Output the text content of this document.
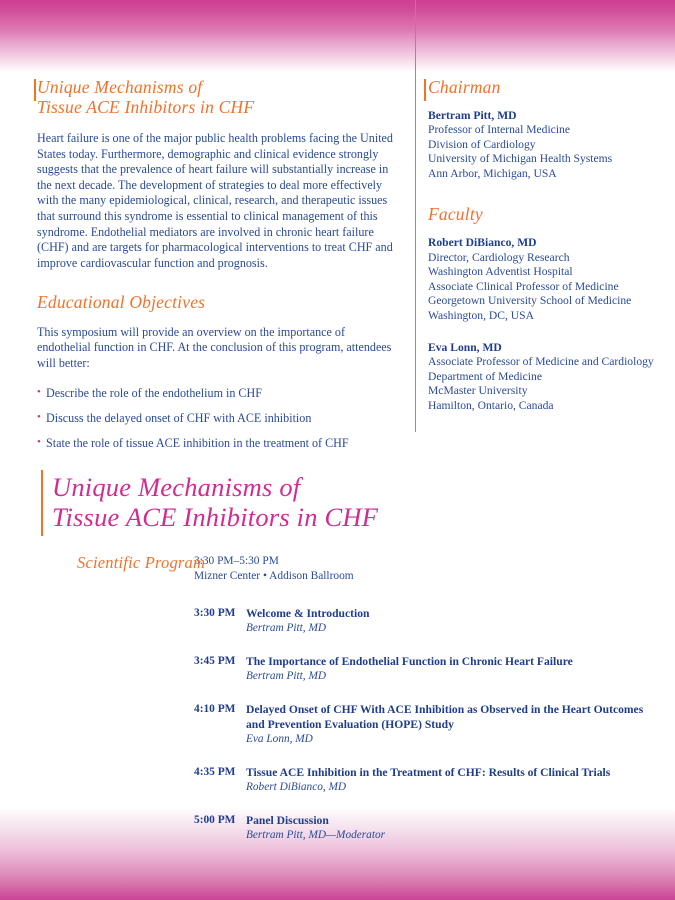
Unique Mechanisms of
Tissue ACE Inhibitors in CHF

Heart failure is one of the major public health problems facing the United States today. Furthermore, demographic and clinical evidence strongly suggests that the prevalence of heart failure will substantially increase in the next decade. The development of strategies to deal more effectively with the many epidemiological, clinical, research, and therapeutic issues that surround this syndrome is essential to clinical management of this syndrome. Endothelial mediators are involved in chronic heart failure (CHF) and are targets for pharmacological interventions to treat CHF and improve cardiovascular function and prognosis.

Educational Objectives
This symposium will provide an overview on the importance of endothelial function in CHF. At the conclusion of this program, attendees will better:
• Describe the role of the endothelium in CHF
• Discuss the delayed onset of CHF with ACE inhibition
• State the role of tissue ACE inhibition in the treatment of CHF
Chairman
Bertram Pitt, MD
Professor of Internal Medicine
Division of Cardiology
University of Michigan Health Systems
Ann Arbor, Michigan, USA
Faculty
Robert DiBianco, MD
Director, Cardiology Research
Washington Adventist Hospital
Associate Clinical Professor of Medicine
Georgetown University School of Medicine
Washington, DC, USA
Eva Lonn, MD
Associate Professor of Medicine and Cardiology
Department of Medicine
McMaster University
Hamilton, Ontario, Canada
Unique Mechanisms of
Tissue ACE Inhibitors in CHF
Scientific Program
3:30 PM–5:30 PM
Mizner Center • Addison Ballroom
3:30 PM Welcome & Introduction
Bertram Pitt, MD
3:45 PM The Importance of Endothelial Function in Chronic Heart Failure
Bertram Pitt, MD
4:10 PM Delayed Onset of CHF With ACE Inhibition as Observed in the Heart Outcomes and Prevention Evaluation (HOPE) Study
Eva Lonn, MD
4:35 PM Tissue ACE Inhibition in the Treatment of CHF: Results of Clinical Trials
Robert DiBianco, MD
5:00 PM Panel Discussion
Bertram Pitt, MD—Moderator
